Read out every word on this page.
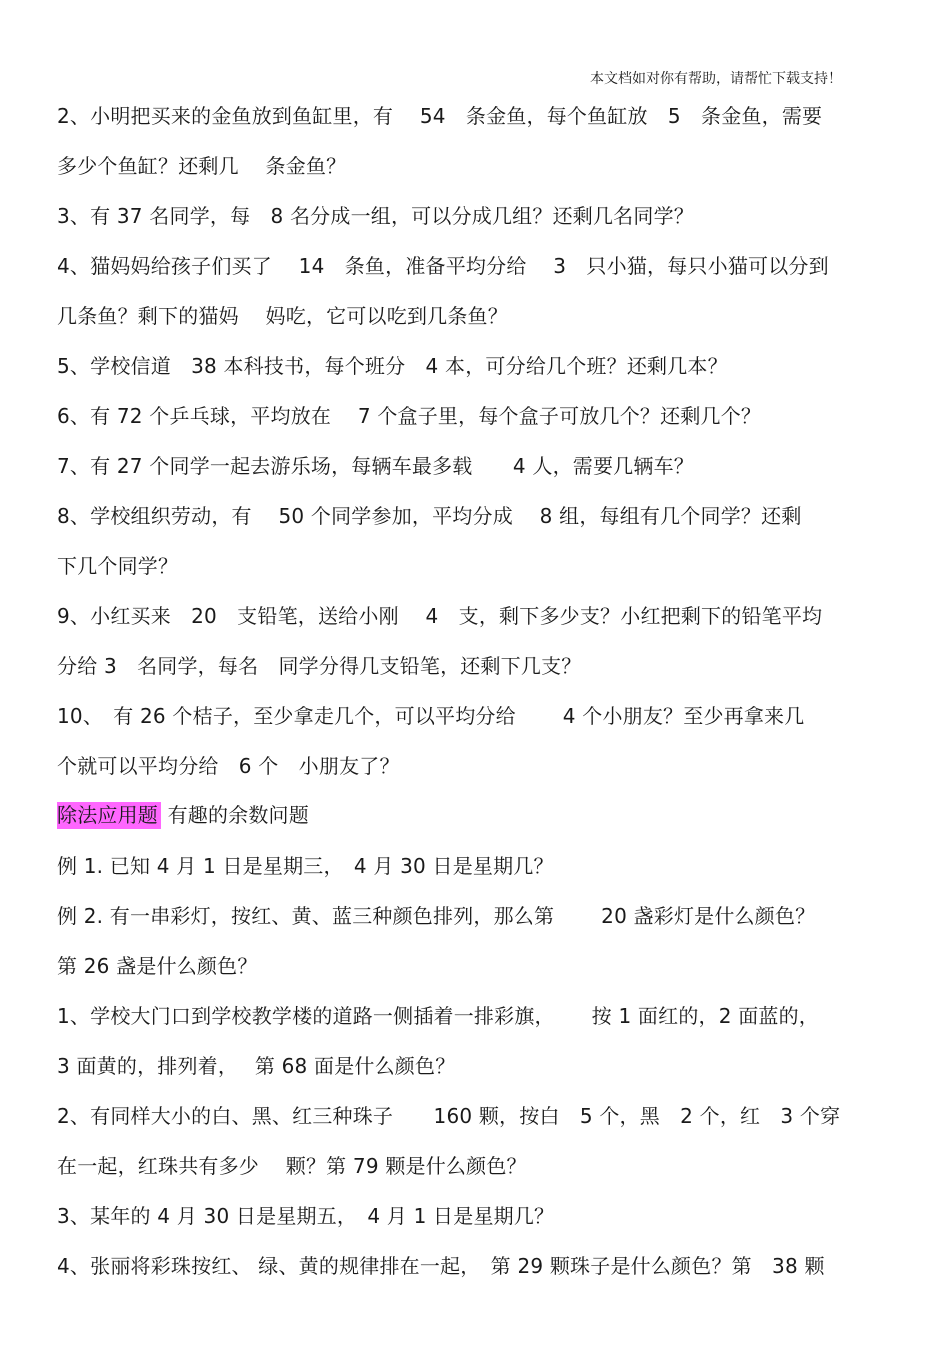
本文档如对你有帮助，请帮忙下载支持！
2、小明把买来的金鱼放到鱼缸里，有　 54　条金鱼，每个鱼缸放　5　条金鱼，需要
多少个鱼缸？还剩几　 条金鱼？
3、有 37 名同学，每　8 名分成一组，可以分成几组？还剩几名同学？
4、猫妈妈给孩子们买了　 14　条鱼，准备平均分给　 3　只小猫，每只小猫可以分到
几条鱼？剩下的猫妈　 妈吃，它可以吃到几条鱼？
5、学校信道　38 本科技书，每个班分　4 本，可分给几个班？还剩几本？
6、有 72 个乒乓球，平均放在　 7 个盒子里，每个盒子可放几个？还剩几个？
7、有 27 个同学一起去游乐场，每辆车最多载　　4 人，需要几辆车？
8、学校组织劳动，有　 50 个同学参加，平均分成　 8 组，每组有几个同学？还剩
下几个同学？
9、小红买来　20　支铅笔，送给小刚　 4　支，剩下多少支？小红把剩下的铅笔平均
分给 3　名同学，每名　同学分得几支铅笔，还剩下几支？
10、　有 26 个桔子，至少拿走几个，可以平均分给　　 4 个小朋友？至少再拿来几
个就可以平均分给　6 个　小朋友了？
除法应用题 有趣的余数问题
例 1. 已知 4 月 1 日是星期三，　4 月 30 日是星期几？
例 2. 有一串彩灯，按红、黄、蓝三种颜色排列，那么第　　 20 盏彩灯是什么颜色？
第 26 盏是什么颜色？
1、学校大门口到学校教学楼的道路一侧插着一排彩旗，　　 按 1 面红的，2 面蓝的，
3 面黄的，排列着，　 第 68 面是什么颜色？
2、有同样大小的白、黑、红三种珠子　　160 颗，按白　5 个，黑　2 个，红　3 个穿
在一起，红珠共有多少　 颗？第 79 颗是什么颜色？
3、某年的 4 月 30 日是星期五，　4 月 1 日是星期几？
4、张丽将彩珠按红、 绿、黄的规律排在一起，　第 29 颗珠子是什么颜色？第　38 颗
